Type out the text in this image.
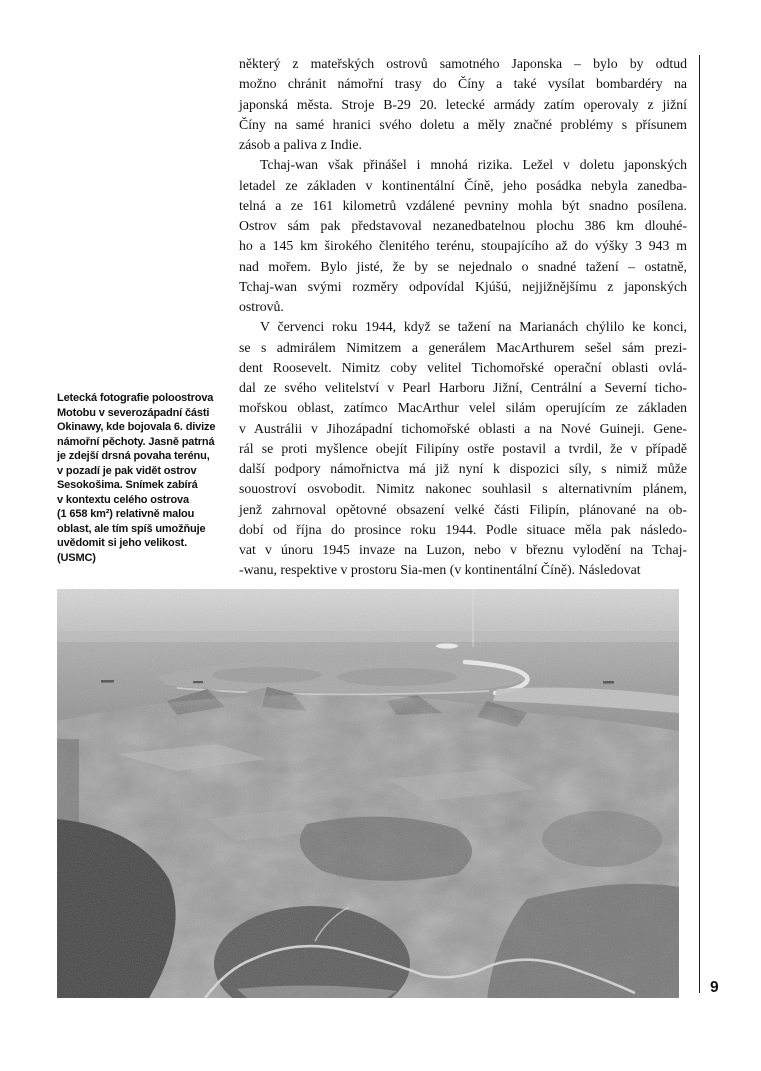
Letecká fotografie poloostrova
Motobu v severozápadní části
Okinawy, kde bojovala 6. divize
námořní pěchoty. Jasně patrná
je zdejší drsná povaha terénu,
v pozadí je pak vidět ostrov
Sesokošima. Snímek zabírá
v kontextu celého ostrova
(1 658 km²) relativně malou
oblast, ale tím spíš umožňuje
uvědomit si jeho velikost.
(USMC)
některý z mateřských ostrovů samotného Japonska – bylo by odtud
možno chránit námořní trasy do Číny a také vysílat bombardéry na
japonská města. Stroje B-29 20. letecké armády zatím operovaly z jižní
Číny na samé hranici svého doletu a měly značné problémy s přísunem
zásob a paliva z Indie.
Tchaj-wan však přinášel i mnohá rizika. Ležel v doletu japonských
letadel ze základen v kontinentální Číně, jeho posádka nebyla zanedba-
telná a ze 161 kilometrů vzdálené pevniny mohla být snadno posílena.
Ostrov sám pak představoval nezanedbatelnou plochu 386 km dlouhé-
ho a 145 km širokého členitého terénu, stoupajícího až do výšky 3 943 m
nad mořem. Bylo jisté, že by se nejednalo o snadné tažení – ostatně,
Tchaj-wan svými rozměry odpovídal Kjúšú, nejjižnějšímu z japonských
ostrovů.
V červenci roku 1944, když se tažení na Marianách chýlilo ke konci,
se s admirálem Nimitzem a generálem MacArthurem sešel sám prezi-
dent Roosevelt. Nimitz coby velitel Tichomořské operační oblasti ovlá-
dal ze svého velitelství v Pearl Harboru Jižní, Centrální a Severní ticho-
mořskou oblast, zatímco MacArthur velel silám operujícím ze základen
v Austrálii v Jihozápadní tichomořské oblasti a na Nové Guineji. Gene-
rál se proti myšlence obejít Filipíny ostře postavil a tvrdil, že v případě
další podpory námořnictva má již nyní k dispozici síly, s nimiž může
souostroví osvobodit. Nimitz nakonec souhlasil s alternativním plánem,
jenž zahrnoval opětovné obsazení velké části Filipín, plánované na ob-
dobí od října do prosince roku 1944. Podle situace měla pak následo-
vat v únoru 1945 invaze na Luzon, nebo v březnu vylodění na Tchaj-
-wanu, respektive v prostoru Sia-men (v kontinentální Číně). Následovat
9
